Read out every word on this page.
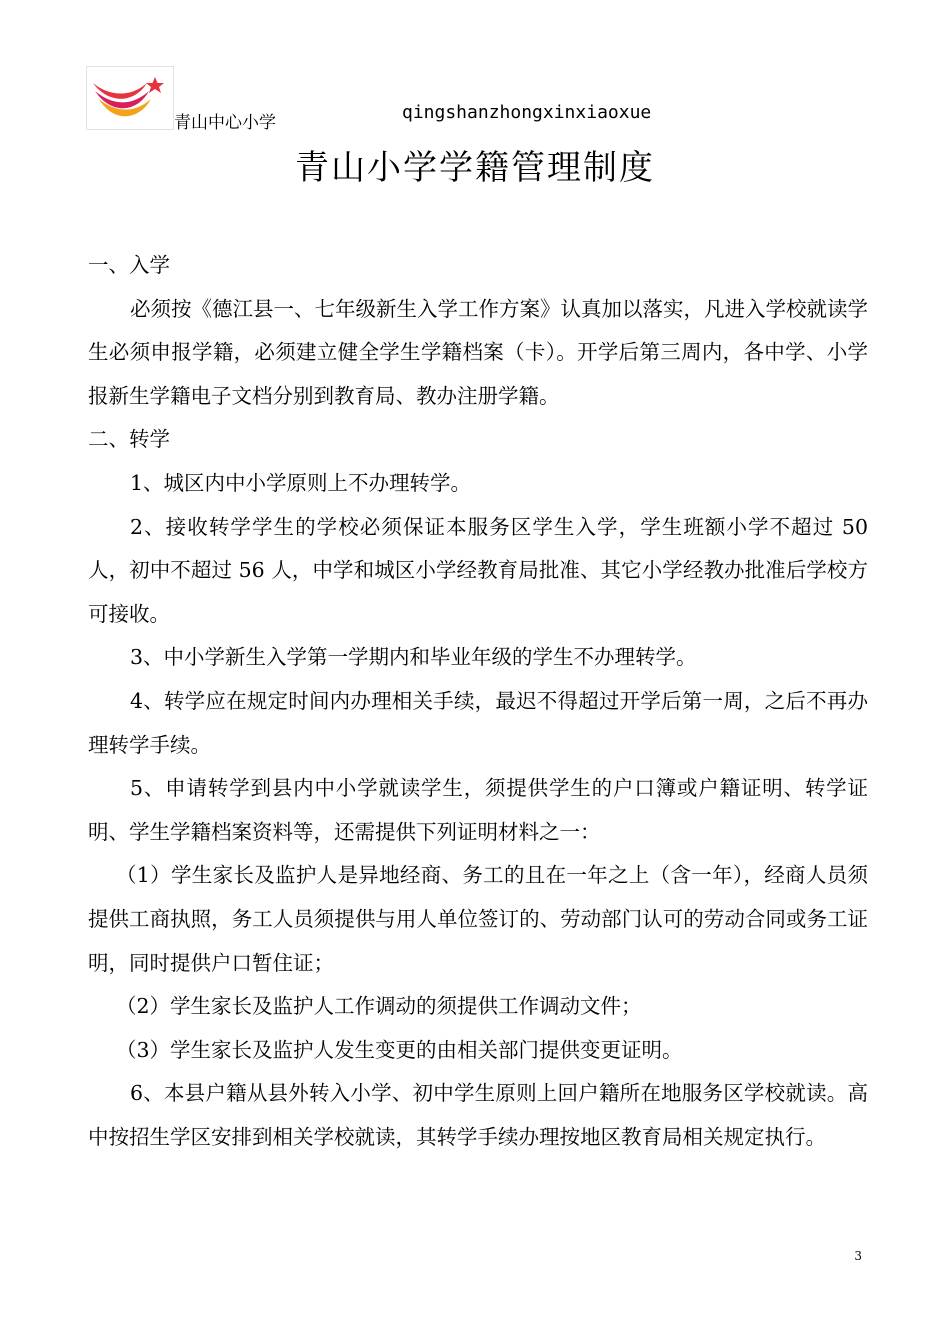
青山中心小学	qingshanzhongxinxiaoxue
青山小学学籍管理制度

一、入学

必须按《德江县一、七年级新生入学工作方案》认真加以落实，凡进入学校就读学生必须申报学籍，必须建立健全学生学籍档案（卡）。开学后第三周内，各中学、小学报新生学籍电子文档分别到教育局、教办注册学籍。

二、转学

1、城区内中小学原则上不办理转学。

2、接收转学学生的学校必须保证本服务区学生入学，学生班额小学不超过 50 人，初中不超过 56 人，中学和城区小学经教育局批准、其它小学经教办批准后学校方可接收。

3、中小学新生入学第一学期内和毕业年级的学生不办理转学。

4、转学应在规定时间内办理相关手续，最迟不得超过开学后第一周，之后不再办理转学手续。

5、申请转学到县内中小学就读学生，须提供学生的户口簿或户籍证明、转学证明、学生学籍档案资料等，还需提供下列证明材料之一：

（1）学生家长及监护人是异地经商、务工的且在一年之上（含一年），经商人员须提供工商执照，务工人员须提供与用人单位签订的、劳动部门认可的劳动合同或务工证明，同时提供户口暂住证；

（2）学生家长及监护人工作调动的须提供工作调动文件；

（3）学生家长及监护人发生变更的由相关部门提供变更证明。

6、本县户籍从县外转入小学、初中学生原则上回户籍所在地服务区学校就读。高中按招生学区安排到相关学校就读，其转学手续办理按地区教育局相关规定执行。

3
